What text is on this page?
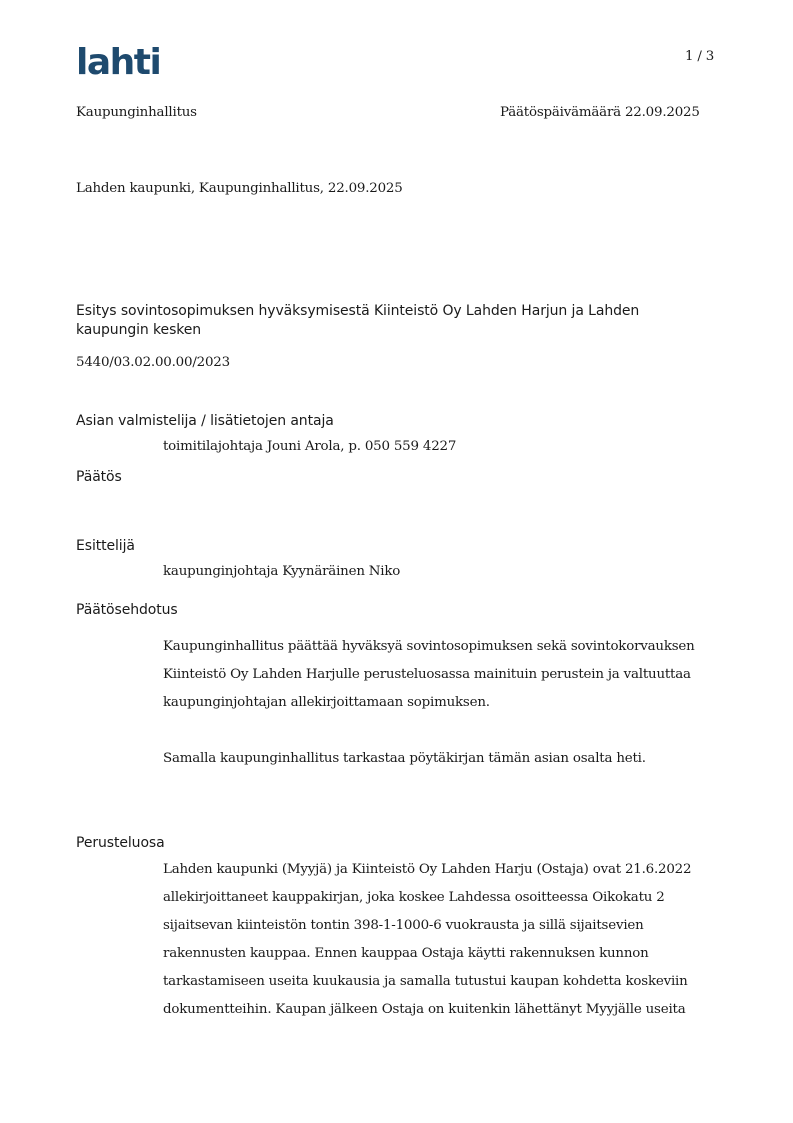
lahti	1 / 3
Kaupunginhallitus	Päätöspäivämäärä 22.09.2025
Lahden kaupunki, Kaupunginhallitus, 22.09.2025
Esitys sovintosopimuksen hyväksymisestä Kiinteistö Oy Lahden Harjun ja Lahden
kaupungin kesken
5440/03.02.00.00/2023
Asian valmistelija / lisätietojen antaja
toimitilajohtaja Jouni Arola, p. 050 559 4227
Päätös
Esittelijä
kaupunginjohtaja Kyynäräinen Niko
Päätösehdotus

Kaupunginhallitus päättää hyväksyä sovintosopimuksen sekä sovintokorvauksen

Kiinteistö Oy Lahden Harjulle perusteluosassa mainituin perustein ja valtuuttaa

kaupunginjohtajan allekirjoittamaan sopimuksen.

Samalla kaupunginhallitus tarkastaa pöytäkirjan tämän asian osalta heti.
Perusteluosa

Lahden kaupunki (Myyjä) ja Kiinteistö Oy Lahden Harju (Ostaja) ovat 21.6.2022

allekirjoittaneet kauppakirjan, joka koskee Lahdessa osoitteessa Oikokatu 2

sijaitsevan kiinteistön tontin 398-1-1000-6 vuokrausta ja sillä sijaitsevien

rakennusten kauppaa. Ennen kauppaa Ostaja käytti rakennuksen kunnon

tarkastamiseen useita kuukausia ja samalla tutustui kaupan kohdetta koskeviin

dokumentteihin. Kaupan jälkeen Ostaja on kuitenkin lähettänyt Myyjälle useita
